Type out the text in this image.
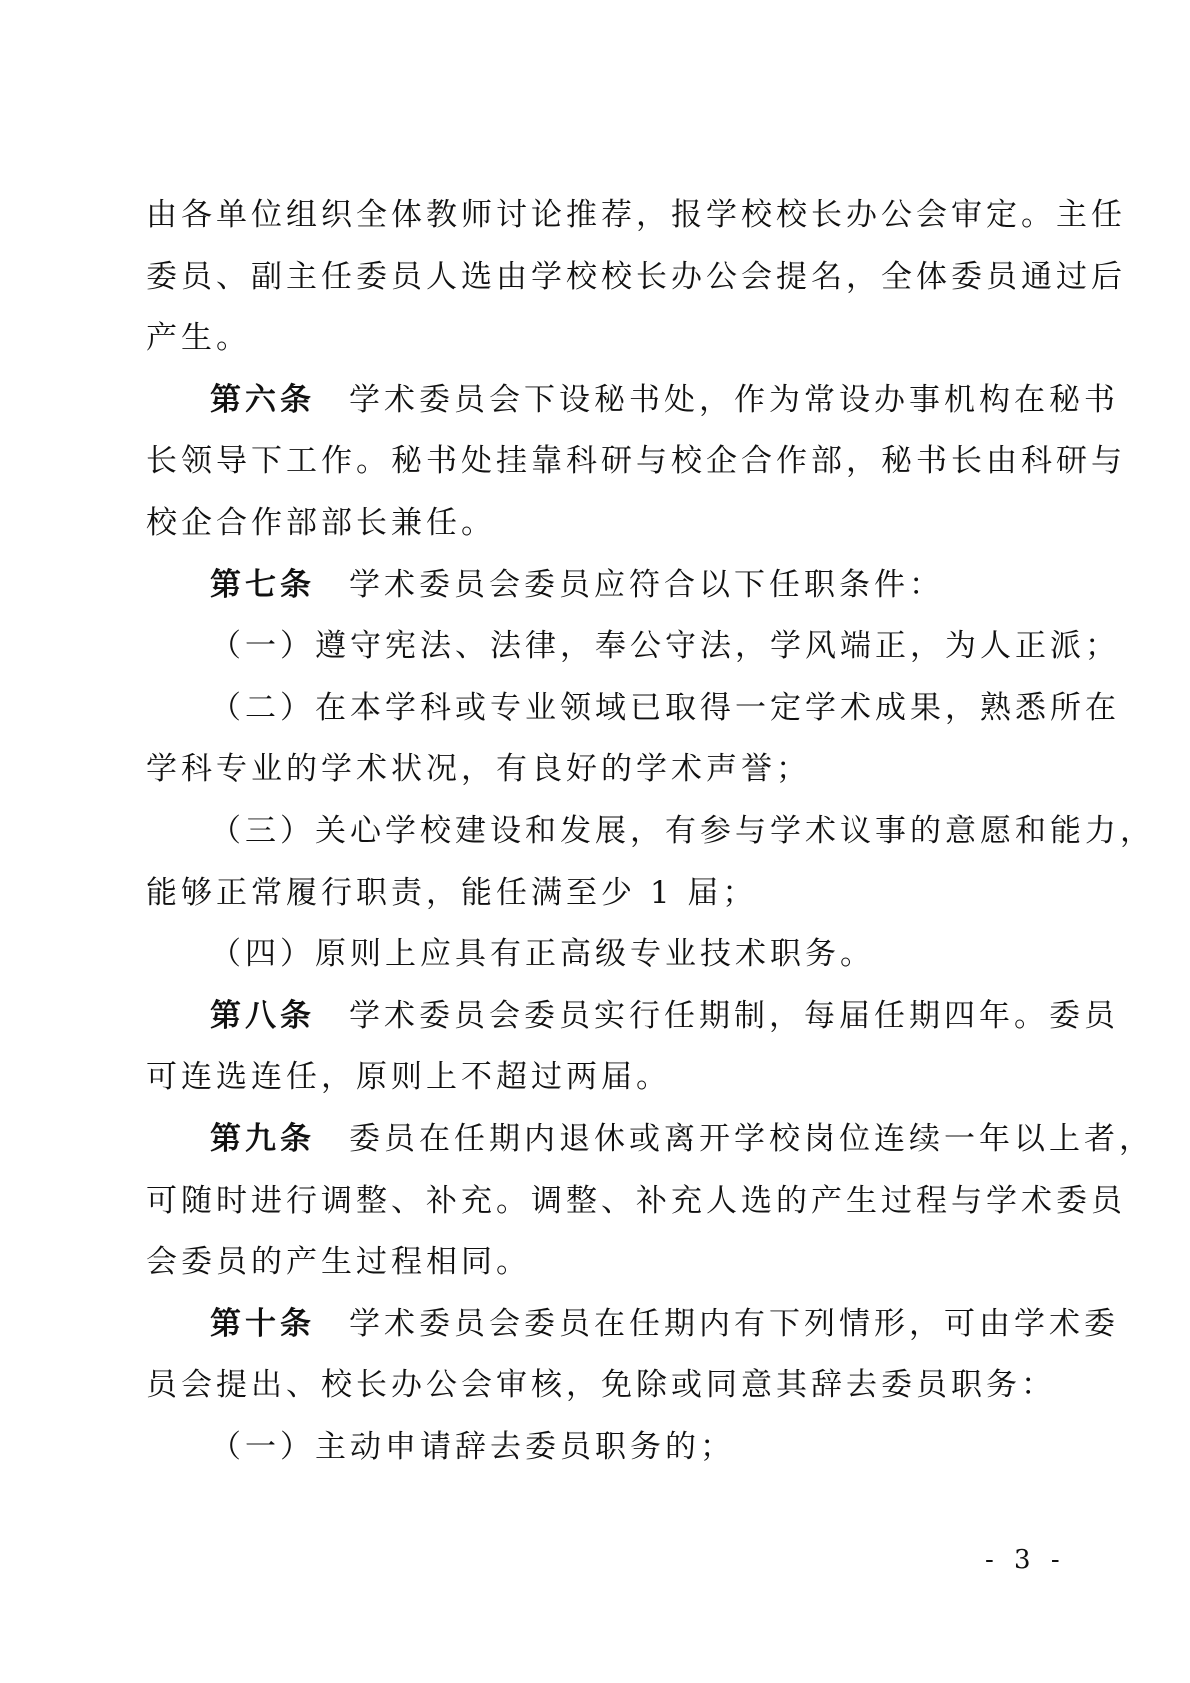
由各单位组织全体教师讨论推荐，报学校校长办公会审定。主任
委员、副主任委员人选由学校校长办公会提名，全体委员通过后
产生。
第六条 学术委员会下设秘书处，作为常设办事机构在秘书
长领导下工作。秘书处挂靠科研与校企合作部，秘书长由科研与
校企合作部部长兼任。
第七条 学术委员会委员应符合以下任职条件：
（一）遵守宪法、法律，奉公守法，学风端正，为人正派；
（二）在本学科或专业领域已取得一定学术成果，熟悉所在
学科专业的学术状况，有良好的学术声誉；
（三）关心学校建设和发展，有参与学术议事的意愿和能力，
能够正常履行职责，能任满至少 1 届；
（四）原则上应具有正高级专业技术职务。
第八条 学术委员会委员实行任期制，每届任期四年。委员
可连选连任，原则上不超过两届。
第九条 委员在任期内退休或离开学校岗位连续一年以上者，
可随时进行调整、补充。调整、补充人选的产生过程与学术委员
会委员的产生过程相同。
第十条 学术委员会委员在任期内有下列情形，可由学术委
员会提出、校长办公会审核，免除或同意其辞去委员职务：
（一）主动申请辞去委员职务的；
- 3 -
